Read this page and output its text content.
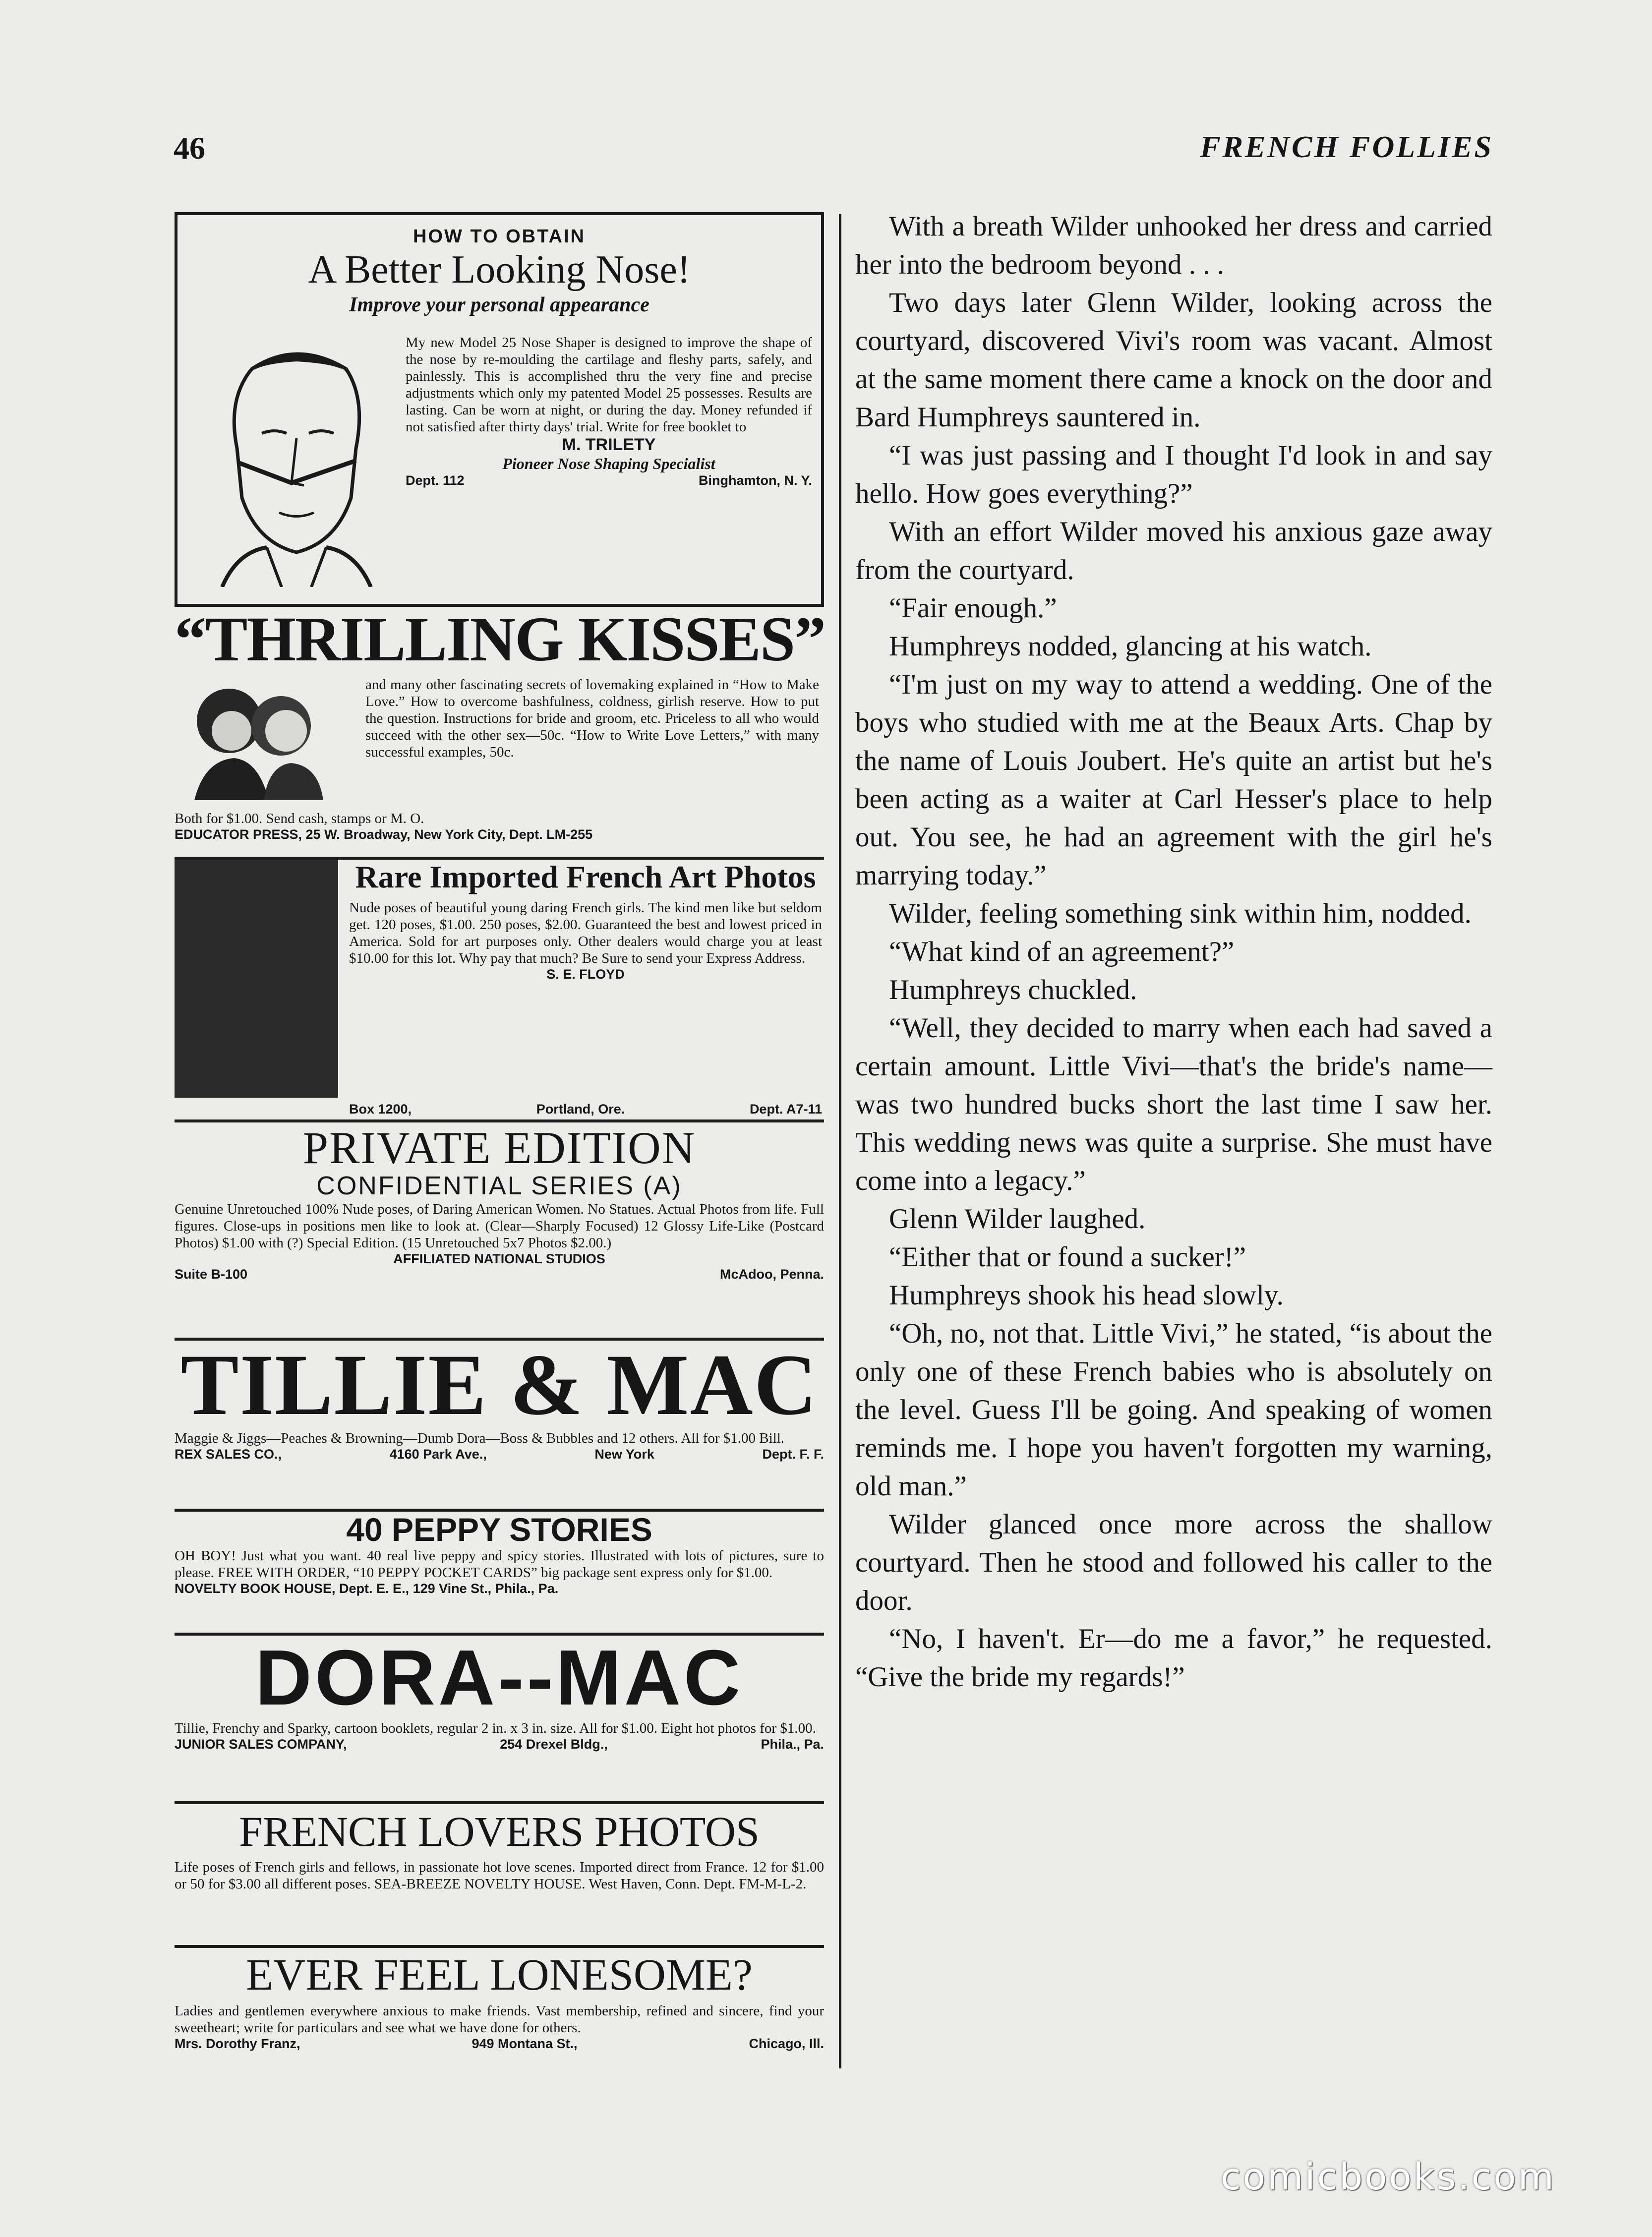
46	FRENCH FOLLIES
HOW TO OBTAIN
A Better Looking Nose!
Improve your personal appearance

My new Model 25 Nose Shaper is designed to improve the shape of the nose by re-moulding the cartilage and fleshy parts, safely, and painlessly. This is accomplished thru the very fine and precise adjustments which only my patented Model 25 possesses. Results are lasting. Can be worn at night, or during the day. Money refunded if not satisfied after thirty days' trial. Write for free booklet to

M. TRILETY

Pioneer Nose Shaping Specialist

Dept. 112	Binghamton, N. Y.
“THRILLING KISSES”

and many other fascinating secrets of lovemaking explained in “How to Make Love.” How to overcome bashfulness, coldness, girlish reserve. How to put the question. Instructions for bride and groom, etc. Priceless to all who would succeed with the other sex—50c. “How to Write Love Letters,” with many successful examples, 50c.

Both for $1.00. Send cash, stamps or M. O.

EDUCATOR PRESS, 25 W. Broadway, New York City, Dept. LM-255

Rare Imported French Art Photos

Nude poses of beautiful young daring French girls. The kind men like but seldom get. 120 poses, $1.00. 250 poses, $2.00. Guaranteed the best and lowest priced in America. Sold for art purposes only. Other dealers would charge you at least $10.00 for this lot. Why pay that much? Be Sure to send your Express Address.

S. E. FLOYD

Box 1200,	Portland, Ore.	Dept. A7-11
PRIVATE EDITION
CONFIDENTIAL SERIES (A)

Genuine Unretouched 100% Nude poses, of Daring American Women. No Statues. Actual Photos from life. Full figures. Close-ups in positions men like to look at. (Clear—Sharply Focused) 12 Glossy Life-Like (Postcard Photos) $1.00 with (?) Special Edition. (15 Unretouched 5x7 Photos $2.00.)

AFFILIATED NATIONAL STUDIOS

Suite B-100	McAdoo, Penna.
TILLIE & MAC

Maggie & Jiggs—Peaches & Browning—Dumb Dora—Boss & Bubbles and 12 others. All for $1.00 Bill.

REX SALES CO.,	4160 Park Ave.,	New York	Dept. F. F.
40 PEPPY STORIES

OH BOY! Just what you want. 40 real live peppy and spicy stories. Illustrated with lots of pictures, sure to please. FREE WITH ORDER, “10 PEPPY POCKET CARDS” big package sent express only for $1.00.

NOVELTY BOOK HOUSE, Dept. E. E., 129 Vine St., Phila., Pa.

DORA--MAC

Tillie, Frenchy and Sparky, cartoon booklets, regular 2 in. x 3 in. size. All for $1.00. Eight hot photos for $1.00.

JUNIOR SALES COMPANY,	254 Drexel Bldg.,	Phila., Pa.
FRENCH LOVERS PHOTOS

Life poses of French girls and fellows, in passionate hot love scenes. Imported direct from France. 12 for $1.00 or 50 for $3.00 all different poses. SEA-BREEZE NOVELTY HOUSE. West Haven, Conn. Dept. FM-M-L-2.

EVER FEEL LONESOME?

Ladies and gentlemen everywhere anxious to make friends. Vast membership, refined and sincere, find your sweetheart; write for particulars and see what we have done for others.

Mrs. Dorothy Franz,	949 Montana St.,	Chicago, Ill.

With a breath Wilder unhooked her dress and carried her into the bedroom beyond . . .

Two days later Glenn Wilder, looking across the courtyard, discovered Vivi's room was vacant. Almost at the same moment there came a knock on the door and Bard Humphreys sauntered in.

“I was just passing and I thought I'd look in and say hello. How goes everything?”

With an effort Wilder moved his anxious gaze away from the courtyard.

“Fair enough.”

Humphreys nodded, glancing at his watch.

“I'm just on my way to attend a wedding. One of the boys who studied with me at the Beaux Arts. Chap by the name of Louis Joubert. He's quite an artist but he's been acting as a waiter at Carl Hesser's place to help out. You see, he had an agreement with the girl he's marrying today.”

Wilder, feeling something sink within him, nodded.

“What kind of an agreement?”

Humphreys chuckled.

“Well, they decided to marry when each had saved a certain amount. Little Vivi—that's the bride's name—was two hundred bucks short the last time I saw her. This wedding news was quite a surprise. She must have come into a legacy.”

Glenn Wilder laughed.

“Either that or found a sucker!”

Humphreys shook his head slowly.

“Oh, no, not that. Little Vivi,” he stated, “is about the only one of these French babies who is absolutely on the level. Guess I'll be going. And speaking of women reminds me. I hope you haven't forgotten my warning, old man.”

Wilder glanced once more across the shallow courtyard. Then he stood and followed his caller to the door.

“No, I haven't. Er—do me a favor,” he requested. “Give the bride my regards!”

comicbooks.com
